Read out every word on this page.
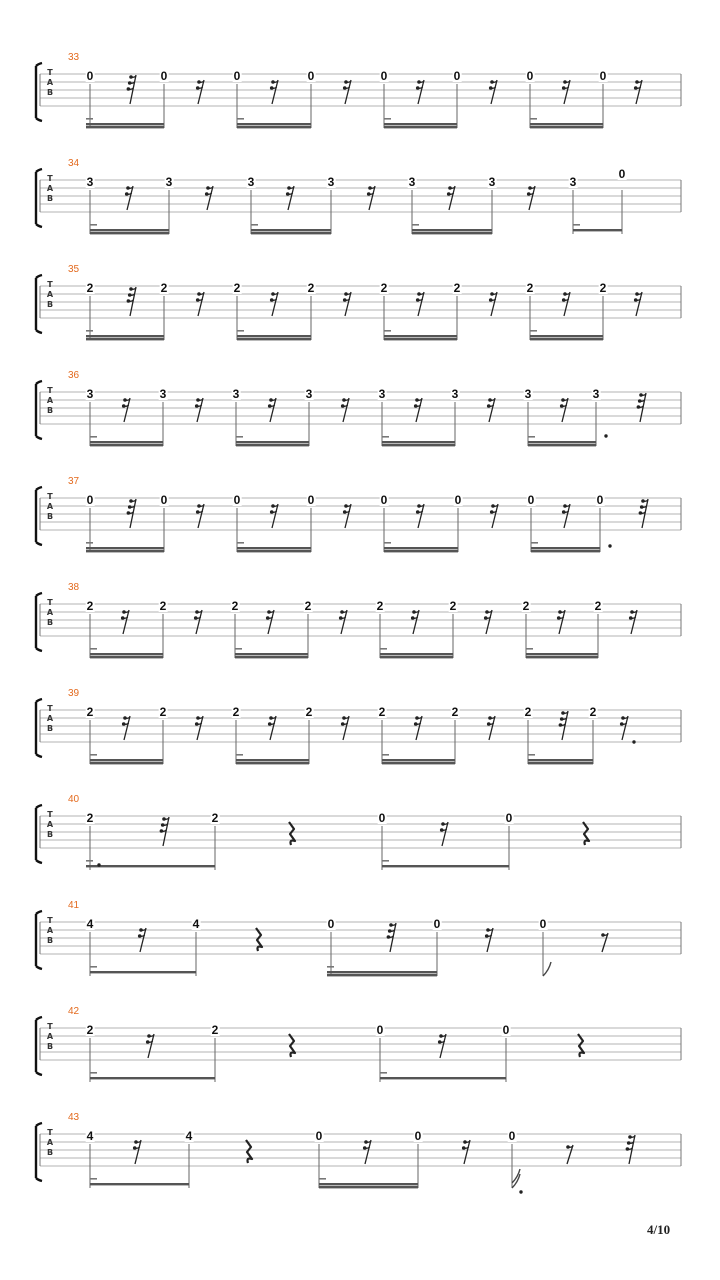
33
T
A
B
0	0	0	0	0	0	0	0
34
T
A
B
3	3	3	3	3	3	3
0
35
T
A
B
2	2	2	2	2	2	2	2
36
T
A
B
3	3	3	3	3	3	3	3
37
T
A
B
0	0	0	0	0	0	0	0
38
T
A
B
2	2	2	2	2	2	2	2
39
T
A
B
2	2	2	2	2	2	2	2
40
T
A
B
2	2	0	0
41
T
A
B
4	4	0	0	0
42
T
A
B
2	2	0	0
43
T
A
B
4	4	0	0	0
4/10
